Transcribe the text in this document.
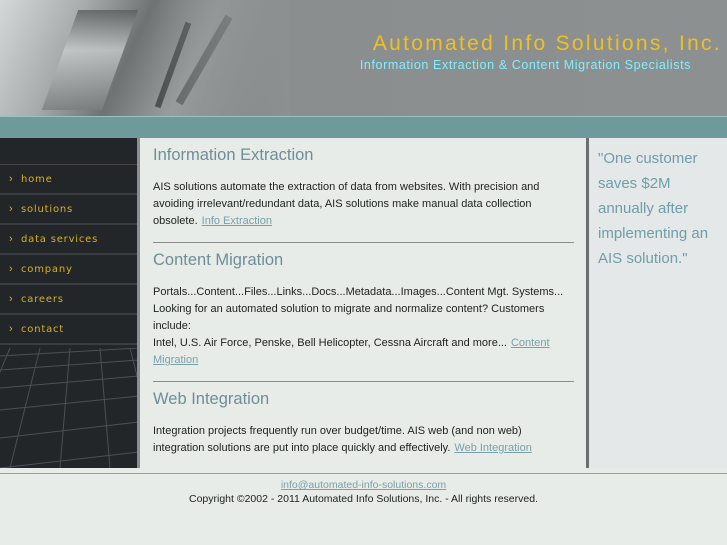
Automated Info Solutions, Inc.
Information Extraction & Content Migration Specialists
› home
› solutions
› data services
› company
› careers
› contact
Information Extraction
AIS solutions automate the extraction of data from websites. With precision and avoiding irrelevant/redundant data, AIS solutions make manual data collection obsolete. Info Extraction
Content Migration
Portals...Content...Files...Links...Docs...Metadata...Images...Content Mgt. Systems... Looking for an automated solution to migrate and normalize content? Customers include:
Intel, U.S. Air Force, Penske, Bell Helicopter, Cessna Aircraft and more... Content Migration
Web Integration
Integration projects frequently run over budget/time. AIS web (and non web) integration solutions are put into place quickly and effectively. Web Integration
"One customer saves $2M annually after implementing an AIS solution."
info@automated-info-solutions.com
Copyright ©2002 - 2011 Automated Info Solutions, Inc. - All rights reserved.
